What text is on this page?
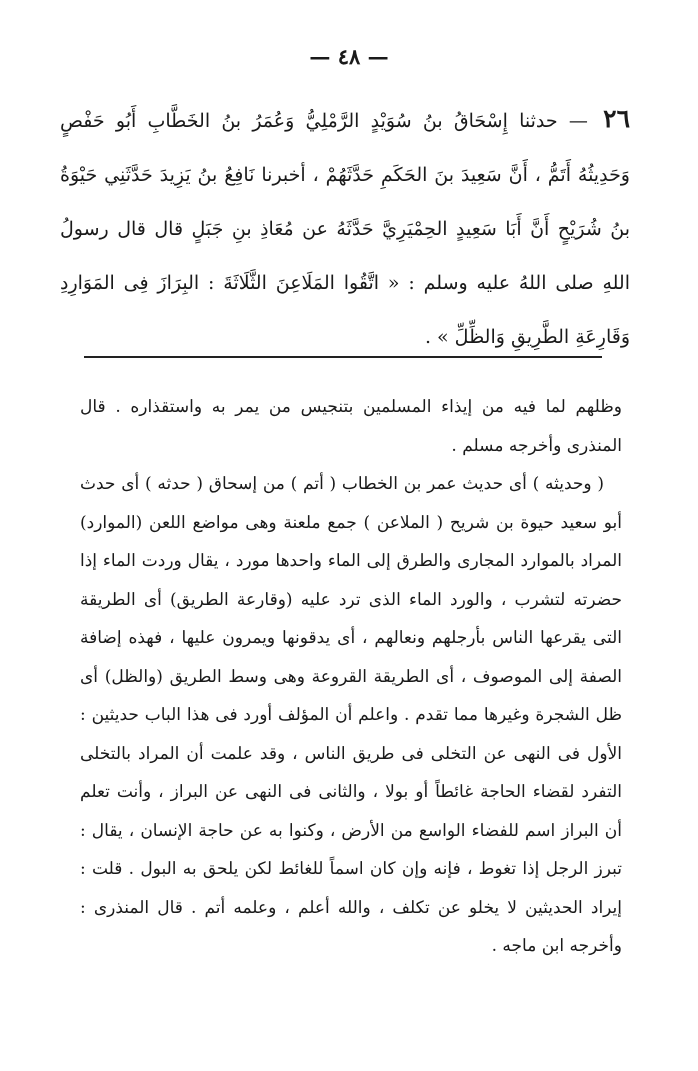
— ٤٨ —

٢٦ — حدثنا إِسْحَاقُ بنُ سُوَيْدٍ الرَّمْلِيُّ وَعُمَرُ بنُ الخَطَّابِ أَبُو حَفْصٍ وَحَدِيثُهُ أَتَمُّ ، أَنَّ سَعِيدَ بنَ الحَكَمِ حَدَّثَهُمْ ، أخبرنا نَافِعُ بنُ يَزِيدَ حَدَّثَنِي حَيْوَةُ بنُ شُرَيْحٍ أَنَّ أَبَا سَعِيدٍ الحِمْيَرِيَّ حَدَّثَهُ عن مُعَاذِ بنِ جَبَلٍ قال قال رسولُ اللهِ صلى اللهُ عليه وسلم : « اتَّقُوا المَلَاعِنَ الثَّلَاثَةَ : البِرَازَ فِى المَوَارِدِ وَقَارِعَةِ الطَّرِيقِ وَالظِّلِّ » .

وظلهم لما فيه من إيذاء المسلمين بتنجيس من يمر به واستقذاره . قال المنذرى وأخرجه مسلم .

( وحديثه ) أى حديث عمر بن الخطاب ( أتم ) من إسحاق ( حدثه ) أى حدث أبو سعيد حيوة بن شريح ( الملاعن ) جمع ملعنة وهى مواضع اللعن (الموارد) المراد بالموارد المجارى والطرق إلى الماء واحدها مورد ، يقال وردت الماء إذا حضرته لتشرب ، والورد الماء الذى ترد عليه (وقارعة الطريق) أى الطريقة التى يقرعها الناس بأرجلهم ونعالهم ، أى يدقونها ويمرون عليها ، فهذه إضافة الصفة إلى الموصوف ، أى الطريقة القروعة وهى وسط الطريق (والظل) أى ظل الشجرة وغيرها مما تقدم . واعلم أن المؤلف أورد فى هذا الباب حديثين : الأول فى النهى عن التخلى فى طريق الناس ، وقد علمت أن المراد بالتخلى التفرد لقضاء الحاجة غائطاً أو بولا ، والثانى فى النهى عن البراز ، وأنت تعلم أن البراز اسم للفضاء الواسع من الأرض ، وكنوا به عن حاجة الإنسان ، يقال : تبرز الرجل إذا تغوط ، فإنه وإن كان اسماً للغائط لكن يلحق به البول . قلت : إيراد الحديثين لا يخلو عن تكلف ، والله أعلم ، وعلمه أتم . قال المنذرى : وأخرجه ابن ماجه .
